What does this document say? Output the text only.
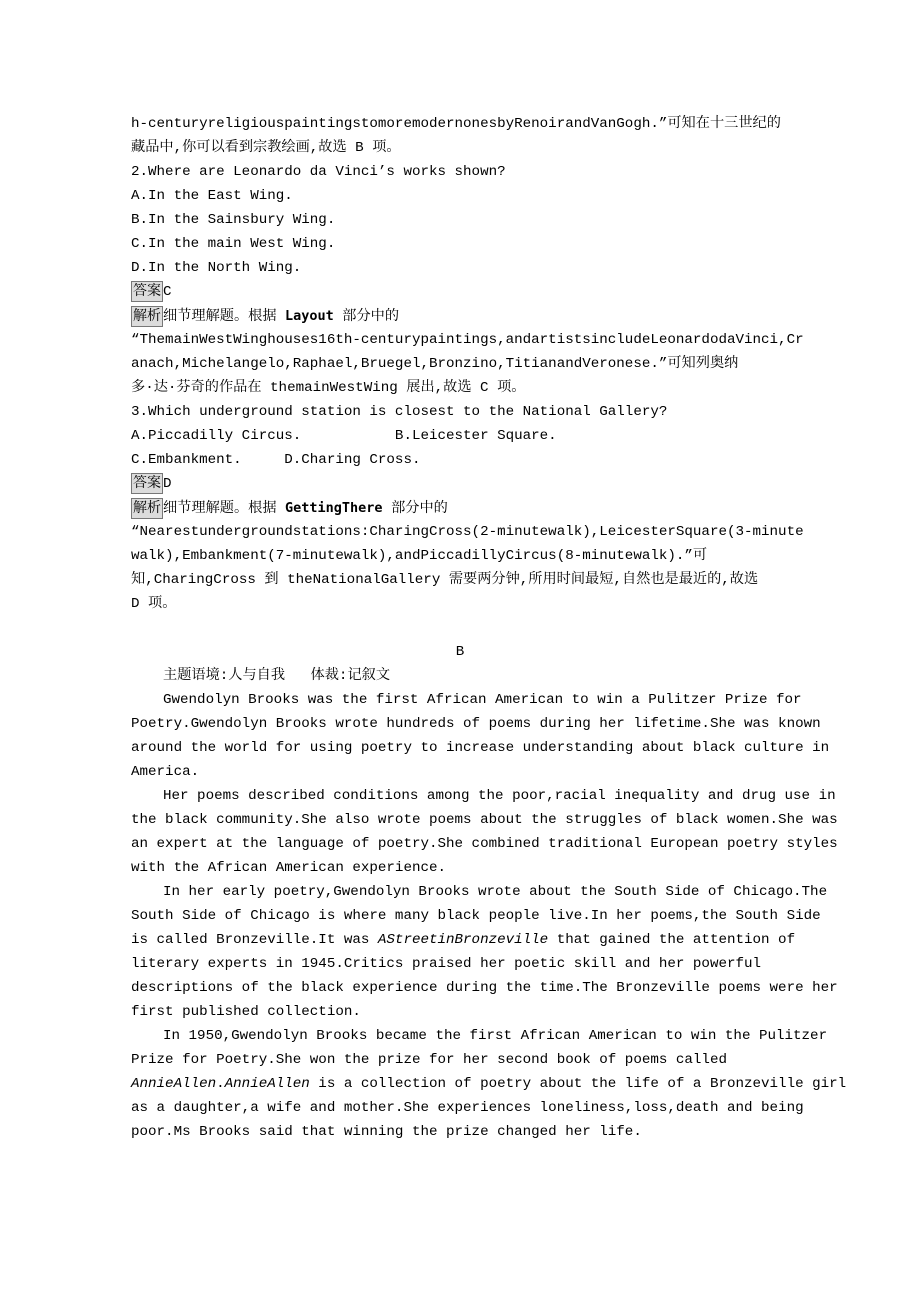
h-centuryreligiouspaintingstomoremodernonesbyRenoirandVanGogh.”可知在十三世纪的
藏品中,你可以看到宗教绘画,故选 B 项。
2.Where are Leonardo da Vinci’s works shown?
A.In the East Wing.
B.In the Sainsbury Wing.
C.In the main West Wing.
D.In the North Wing.
答案 C
解析 细节理解题。根据 Layout 部分中的
“ThemainWestWinghouses16th-centurypaintings,andartistsincludeLeonardodaVinci,Cr
anach,Michelangelo,Raphael,Bruegel,Bronzino,TitianandVeronese.”可知列奥纳
多·达·芬奇的作品在 themainWestWing 展出,故选 C 项。
3.Which underground station is closest to the National Gallery?
A.Piccadilly Circus.           B.Leicester Square.
C.Embankment.     D.Charing Cross.
答案 D
解析 细节理解题。根据 GettingThere 部分中的
“Nearestundergroundstations:CharingCross(2-minutewalk),LeicesterSquare(3-minute
walk),Embankment(7-minutewalk),andPiccadillyCircus(8-minutewalk).”可
知,CharingCross 到 theNationalGallery 需要两分钟,所用时间最短,自然也是最近的,故选
D 项。
B
主题语境:人与自我   体裁:记叙文
Gwendolyn Brooks was the first African American to win a Pulitzer Prize for
Poetry.Gwendolyn Brooks wrote hundreds of poems during her lifetime.She was known
around the world for using poetry to increase understanding about black culture in
America.
Her poems described conditions among the poor,racial inequality and drug use in
the black community.She also wrote poems about the struggles of black women.She was
an expert at the language of poetry.She combined traditional European poetry styles
with the African American experience.
In her early poetry,Gwendolyn Brooks wrote about the South Side of Chicago.The
South Side of Chicago is where many black people live.In her poems,the South Side
is called Bronzeville.It was AStreetinBronzeville that gained the attention of
literary experts in 1945.Critics praised her poetic skill and her powerful
descriptions of the black experience during the time.The Bronzeville poems were her
first published collection.
In 1950,Gwendolyn Brooks became the first African American to win the Pulitzer
Prize for Poetry.She won the prize for her second book of poems called
AnnieAllen.AnnieAllen is a collection of poetry about the life of a Bronzeville girl
as a daughter,a wife and mother.She experiences loneliness,loss,death and being
poor.Ms Brooks said that winning the prize changed her life.
